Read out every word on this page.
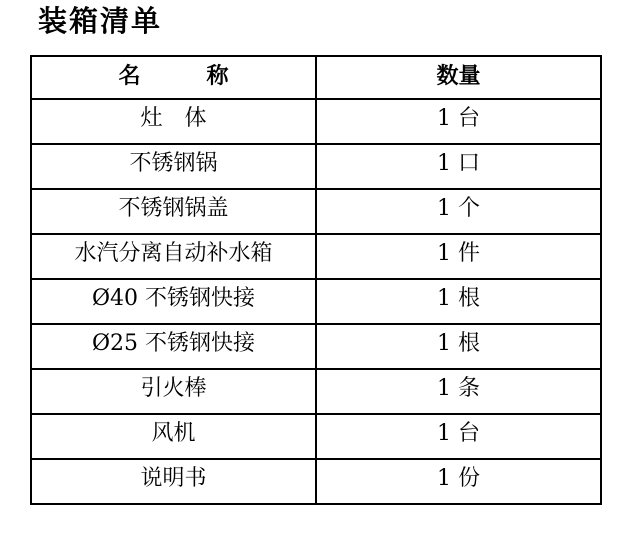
装箱清单
名　　　称	数量
灶　体	1 台
不锈钢锅	1 口
不锈钢锅盖	1 个
水汽分离自动补水箱	1 件
Ø40 不锈钢快接	1 根
Ø25 不锈钢快接	1 根
引火棒	1 条
风机	1 台
说明书	1 份
